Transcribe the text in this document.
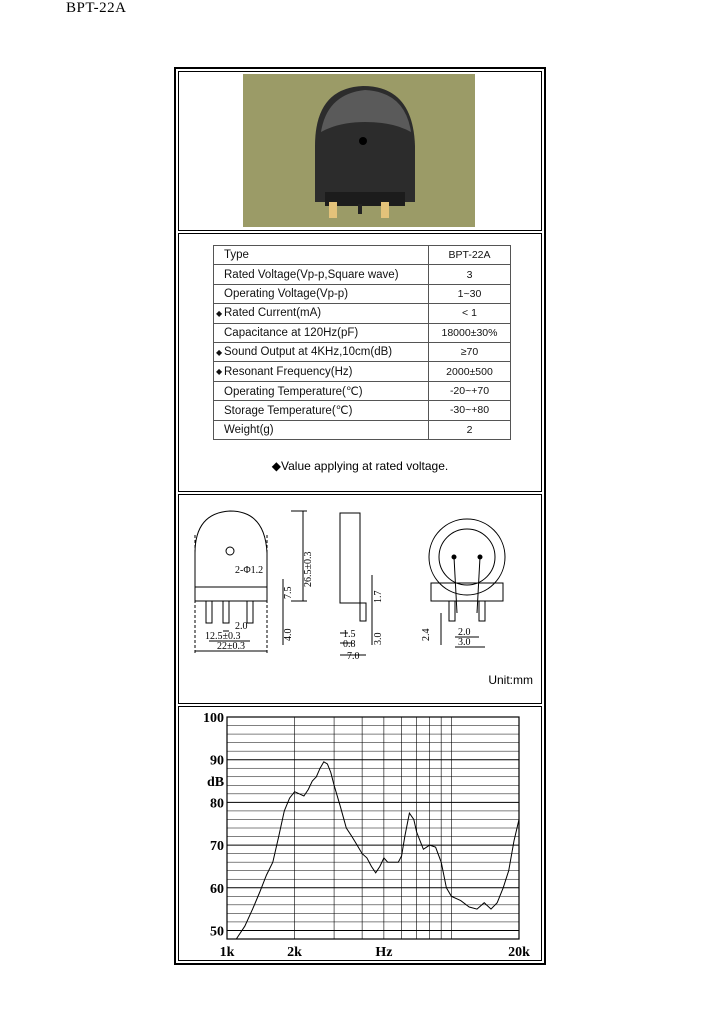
BPT-22A
Type	BPT-22A
Rated Voltage(Vp-p,Square wave)	3
Operating Voltage(Vp-p)	1~30

◆ Rated Current(mA)	< 1
Capacitance at 120Hz(pF)	18000±30%

◆ Sound Output at 4KHz,10cm(dB)	≥70

◆ Resonant Frequency(Hz)	2000±500
Operating Temperature(℃)	-20~+70
Storage Temperature(℃)	-30~+80
Weight(g)	2
◆Value applying at rated voltage.
2-Φ1.2
22±0.3
12.5±0.3
2.0
26.5±0.3
7.5
4.0
1.7
3.0
1.5
0.8
7.0
2.4	2.0
3.0
Unit:mm
50
60
70
80
90
100
1k	2k	20k
dB
Hz
